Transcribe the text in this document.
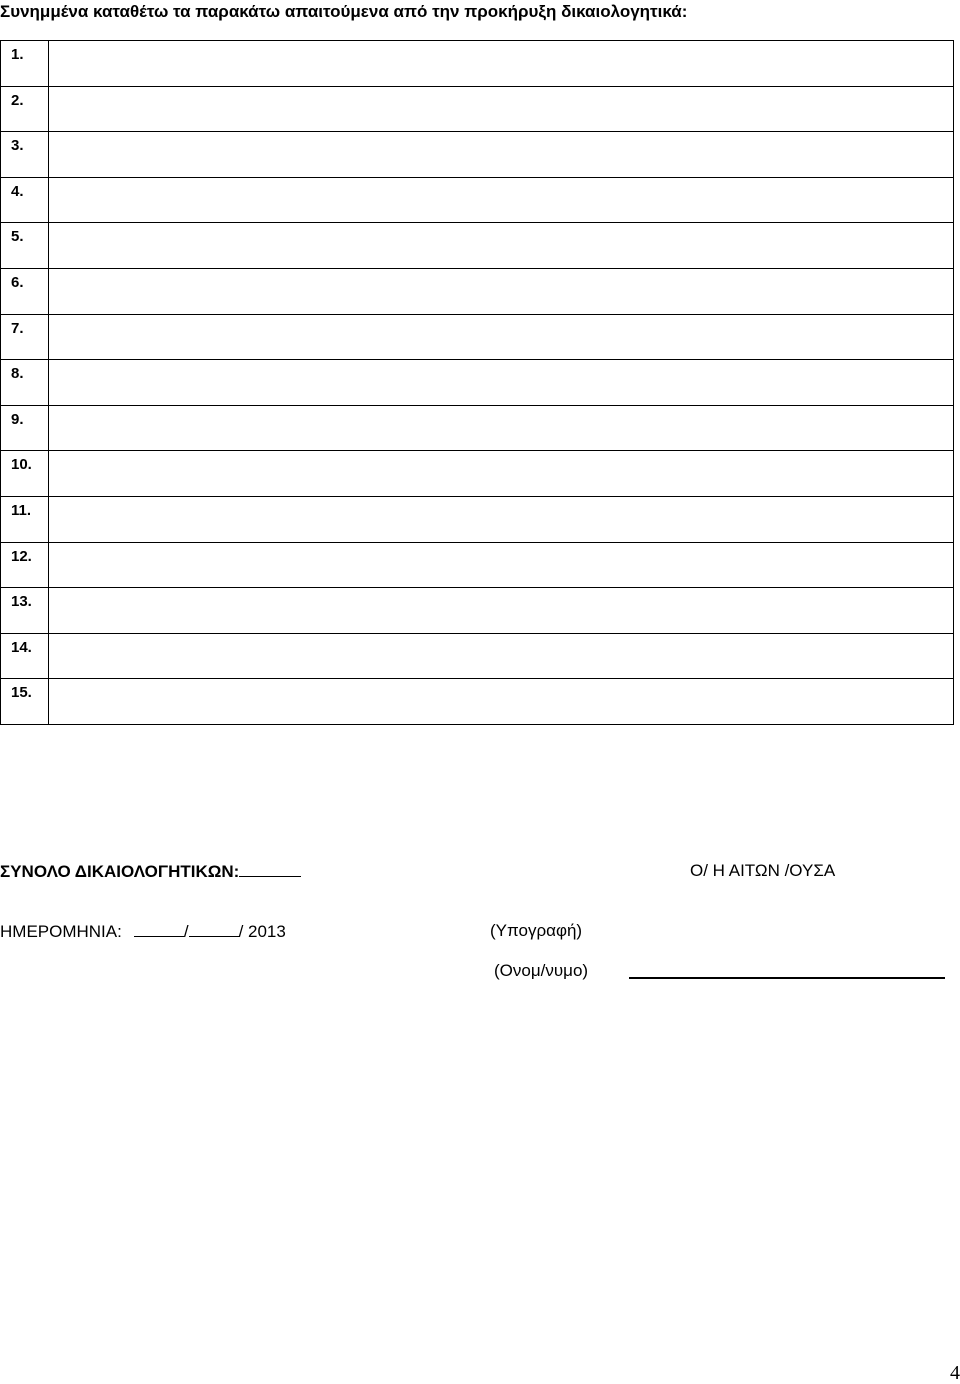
Συνημμένα καταθέτω τα παρακάτω απαιτούμενα από την προκήρυξη δικαιολογητικά:
1.	
2.	
3.	
4.	
5.	
6.	
7.	
8.	
9.	
10.	
11.	
12.	
13.	
14.	
15.	
ΣΥΝΟΛΟ ΔΙΚΑΙΟΛΟΓΗΤΙΚΩΝ:	Ο/ Η ΑΙΤΩΝ /ΟΥΣΑ
ΗΜΕΡΟΜΗΝΙΑ:	/	/ 2013	(Υπογραφή)
(Ονομ/νυμο)
4
